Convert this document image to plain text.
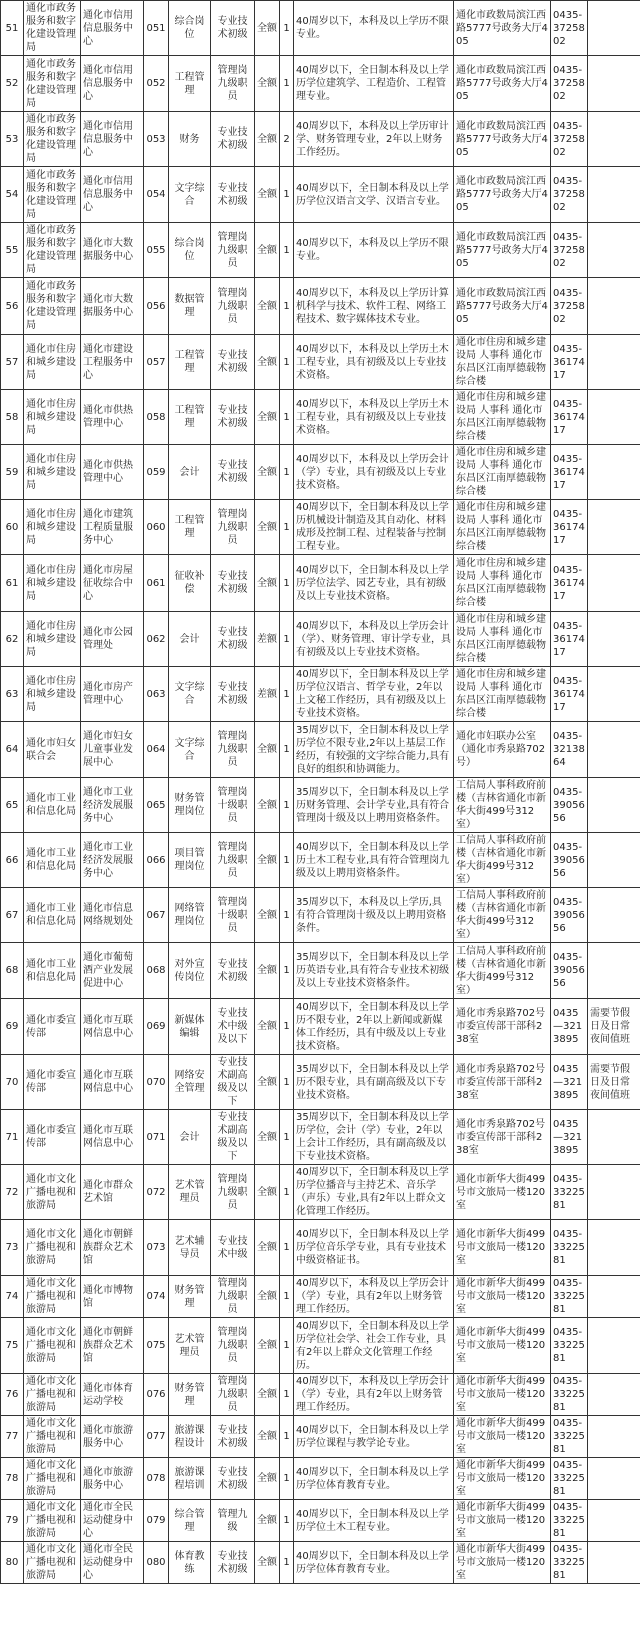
51	通化市政务服务和数字化建设管理局	通化市信用信息服务中心	051	综合岗位	专业技术初级	全额	1	40周岁以下，本科及以上学历不限专业。	通化市政数局滨江西路5777号政务大厅405	0435-3725802	
52	通化市政务服务和数字化建设管理局	通化市信用信息服务中心	052	工程管理	管理岗九级职员	全额	1	40周岁以下，全日制本科及以上学历学位建筑学、工程造价、工程管理专业。	通化市政数局滨江西路5777号政务大厅405	0435-3725802	
53	通化市政务服务和数字化建设管理局	通化市信用信息服务中心	053	财务	专业技术初级	全额	2	40周岁以下，本科及以上学历审计学、财务管理专业，2年以上财务工作经历。	通化市政数局滨江西路5777号政务大厅405	0435-3725802	
54	通化市政务服务和数字化建设管理局	通化市信用信息服务中心	054	文字综合	专业技术初级	全额	1	40周岁以下，全日制本科及以上学历学位汉语言文学、汉语言专业。	通化市政数局滨江西路5777号政务大厅405	0435-3725802	
55	通化市政务服务和数字化建设管理局	通化市大数据服务中心	055	综合岗位	管理岗九级职员	全额	1	40周岁以下，本科及以上学历不限专业。	通化市政数局滨江西路5777号政务大厅405	0435-3725802	
56	通化市政务服务和数字化建设管理局	通化市大数据服务中心	056	数据管理	管理岗九级职员	全额	1	40周岁以下，本科及以上学历计算机科学与技术、软件工程、网络工程技术、数字媒体技术专业。	通化市政数局滨江西路5777号政务大厅405	0435-3725802	
57	通化市住房和城乡建设局	通化市建设工程服务中心	057	工程管理	专业技术初级	全额	1	40周岁以下，本科及以上学历土木工程专业，具有初级及以上专业技术资格。	通化市住房和城乡建设局 人事科 通化市东昌区江南厚德载物综合楼	0435-3617417	
58	通化市住房和城乡建设局	通化市供热管理中心	058	工程管理	专业技术初级	全额	1	40周岁以下，本科及以上学历土木工程专业，具有初级及以上专业技术资格。	通化市住房和城乡建设局 人事科 通化市东昌区江南厚德载物综合楼	0435-3617417	
59	通化市住房和城乡建设局	通化市供热管理中心	059	会计	专业技术初级	全额	1	40周岁以下，本科及以上学历会计（学）专业，具有初级及以上专业技术资格。	通化市住房和城乡建设局 人事科 通化市东昌区江南厚德载物综合楼	0435-3617417	
60	通化市住房和城乡建设局	通化市建筑工程质量服务中心	060	工程管理	管理岗九级职员	全额	1	40周岁以下，全日制本科及以上学历机械设计制造及其自动化、材料成形及控制工程、过程装备与控制工程专业。	通化市住房和城乡建设局 人事科 通化市东昌区江南厚德载物综合楼	0435-3617417	
61	通化市住房和城乡建设局	通化市房屋征收综合中心	061	征收补偿	专业技术初级	全额	1	40周岁以下，全日制本科及以上学历学位法学、园艺专业，具有初级及以上专业技术资格。	通化市住房和城乡建设局 人事科 通化市东昌区江南厚德载物综合楼	0435-3617417	
62	通化市住房和城乡建设局	通化市公园管理处	062	会计	专业技术初级	差额	1	40周岁以下，本科及以上学历会计（学）、财务管理、审计学专业，具有初级及以上专业技术资格。	通化市住房和城乡建设局 人事科 通化市东昌区江南厚德载物综合楼	0435-3617417	
63	通化市住房和城乡建设局	通化市房产管理中心	063	文字综合	专业技术初级	差额	1	40周岁以下，全日制本科及以上学历学位汉语言、哲学专业，2年以上文秘工作经历，具有初级及以上专业技术资格。	通化市住房和城乡建设局 人事科 通化市东昌区江南厚德载物综合楼	0435-3617417	
64	通化市妇女联合会	通化市妇女儿童事业发展中心	064	文字综合	管理岗九级职员	全额	1	35周岁以下，全日制本科及以上学历学位不限专业,2年以上基层工作经历，有较强的文字综合能力,具有良好的组织和协调能力。	通化市妇联办公室（通化市秀泉路702号）	0435-3213864	
65	通化市工业和信息化局	通化市工业经济发展服务中心	065	财务管理岗位	管理岗十级职员	全额	1	35周岁以下，全日制本科及以上学历财务管理、会计学专业,具有符合管理岗十级及以上聘用资格条件。	工信局人事科政府前楼（吉林省通化市新华大街499号312室）	0435-3905656	
66	通化市工业和信息化局	通化市工业经济发展服务中心	066	项目管理岗位	管理岗九级职员	全额	1	40周岁以下，全日制本科及以上学历土木工程专业,具有符合管理岗九级及以上聘用资格条件。	工信局人事科政府前楼（吉林省通化市新华大街499号312室）	0435-3905656	
67	通化市工业和信息化局	通化市信息网络规划处	067	网络管理岗位	管理岗十级职员	全额	1	35周岁以下，本科及以上学历,具有符合管理岗十级及以上聘用资格条件。	工信局人事科政府前楼（吉林省通化市新华大街499号312室）	0435-3905656	
68	通化市工业和信息化局	通化市葡萄酒产业发展促进中心	068	对外宣传岗位	专业技术初级	全额	1	35周岁以下，全日制本科及以上学历英语专业,具有符合专业技术初级及以上专业技术资格条件。	工信局人事科政府前楼（吉林省通化市新华大街499号312室）	0435-3905656	
69	通化市委宣传部	通化市互联网信息中心	069	新媒体编辑	专业技术中级及以下	全额	1	40周岁以下，全日制本科及以上学历不限专业，2年以上新闻或新媒体工作经历，具有中级及以上专业技术资格。	通化市秀泉路702号市委宣传部干部科238室	0435—3213895	需要节假日及日常夜间值班
70	通化市委宣传部	通化市互联网信息中心	070	网络安全管理	专业技术副高级及以下	全额	1	35周岁以下，全日制本科及以上学历不限专业，具有副高级及以下专业技术资格。	通化市秀泉路702号市委宣传部干部科238室	0435—3213895	需要节假日及日常夜间值班
71	通化市委宣传部	通化市互联网信息中心	071	会计	专业技术副高级及以下	全额	1	35周岁以下，全日制本科及以上学历学位，会计（学）专业，2年以上会计工作经历，具有副高级及以下专业技术资格。	通化市秀泉路702号市委宣传部干部科238室	0435—3213895	
72	通化市文化广播电视和旅游局	通化市群众艺术馆	072	艺术管理员	管理岗九级职员	全额	1	40周岁以下，全日制本科及以上学历学位播音与主持艺术、音乐学（声乐）专业,具有2年以上群众文化管理工作经历。	通化市新华大街499号市文旅局一楼120室	0435-3322581	
73	通化市文化广播电视和旅游局	通化市朝鲜族群众艺术馆	073	艺术辅导员	专业技术中级	全额	1	40周岁以下，全日制本科及以上学历学位音乐学专业，具有专业技术中级资格证书。	通化市新华大街499号市文旅局一楼120室	0435-3322581	
74	通化市文化广播电视和旅游局	通化市博物馆	074	财务管理	管理岗九级职员	全额	1	40周岁以下，本科及以上学历会计（学）专业，具有2年以上财务管理工作经历。	通化市新华大街499号市文旅局一楼120室	0435-3322581	
75	通化市文化广播电视和旅游局	通化市朝鲜族群众艺术馆	075	艺术管理员	管理岗九级职员	全额	1	40周岁以下，全日制本科及以上学历学位社会学、社会工作专业，具有2年以上群众文化管理工作经历。	通化市新华大街499号市文旅局一楼120室	0435-3322581	
76	通化市文化广播电视和旅游局	通化市体育运动学校	076	财务管理	管理岗九级职员	全额	1	40周岁以下，本科及以上学历会计（学）专业，具有2年以上财务管理工作经历。	通化市新华大街499号市文旅局一楼120室	0435-3322581	
77	通化市文化广播电视和旅游局	通化市旅游服务中心	077	旅游课程设计	专业技术初级	全额	1	40周岁以下，全日制本科及以上学历学位课程与教学论专业。	通化市新华大街499号市文旅局一楼120室	0435-3322581	
78	通化市文化广播电视和旅游局	通化市旅游服务中心	078	旅游课程培训	专业技术初级	全额	1	40周岁以下，全日制本科及以上学历学位体育教育专业。	通化市新华大街499号市文旅局一楼120室	0435-3322581	
79	通化市文化广播电视和旅游局	通化市全民运动健身中心	079	综合管理	管理九级	全额	1	40周岁以下，全日制本科及以上学历学位土木工程专业。	通化市新华大街499号市文旅局一楼120室	0435-3322581	
80	通化市文化广播电视和旅游局	通化市全民运动健身中心	080	体育教练	专业技术初级	全额	1	40周岁以下，全日制本科及以上学历学位体育教育专业。	通化市新华大街499号市文旅局一楼120室	0435-3322581	
